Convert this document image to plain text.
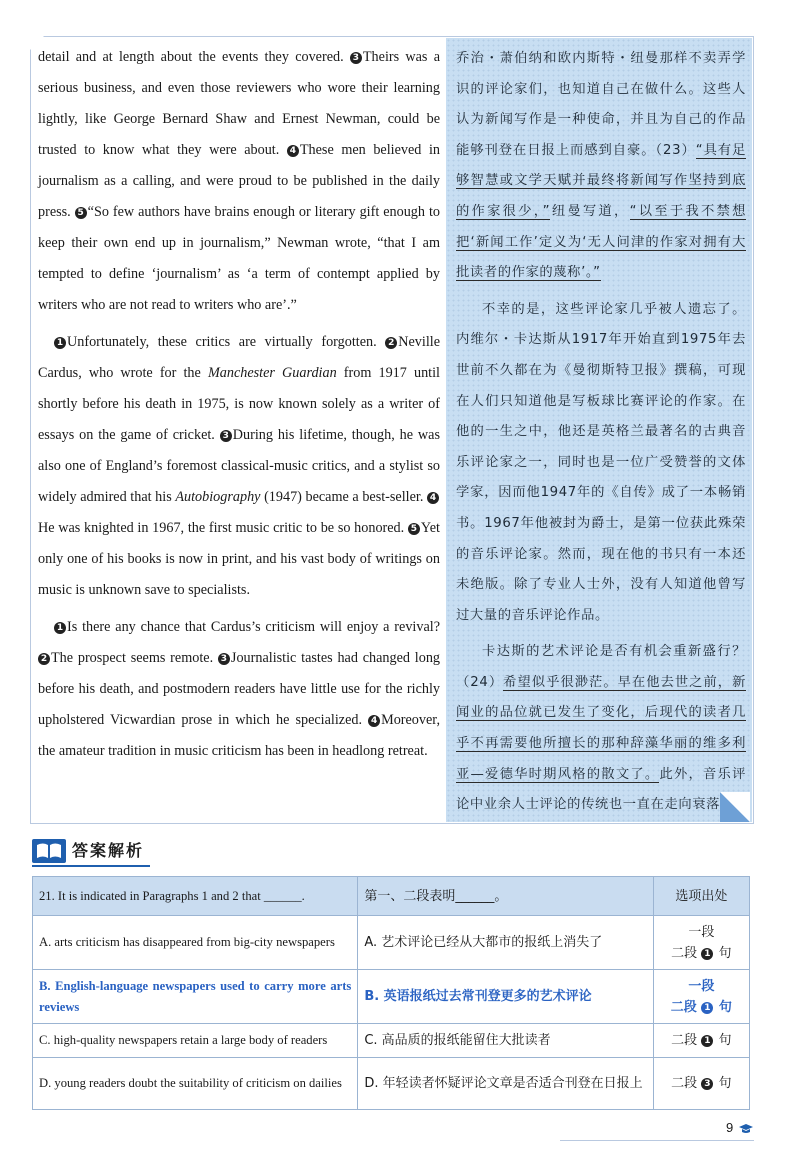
detail and at length about the events they covered. 3 Theirs was a serious business, and even those reviewers who wore their learning lightly, like George Bernard Shaw and Ernest Newman, could be trusted to know what they were about. 4 These men believed in journalism as a calling, and were proud to be published in the daily press. 5 “So few authors have brains enough or literary gift enough to keep their own end up in journalism,” Newman wrote, “that I am tempted to define ‘journalism’ as ‘a term of contempt applied by writers who are not read to writers who are’.”

1 Unfortunately, these critics are virtually forgotten. 2 Neville Cardus, who wrote for the Manchester Guardian from 1917 until shortly before his death in 1975, is now known solely as a writer of essays on the game of cricket. 3 During his lifetime, though, he was also one of England’s foremost classical-music critics, and a stylist so widely admired that his Autobiography (1947) became a best-seller. 4He was knighted in 1967, the first music critic to be so honored. 5 Yet only one of his books is now in print, and his vast body of writings on music is unknown save to specialists.

1 Is there any chance that Cardus’s criticism will enjoy a revival? 2 The prospect seems remote. 3 Journalistic tastes had changed long before his death, and postmodern readers have little use for the richly upholstered Vicwardian prose in which he specialized. 4 Moreover, the amateur tradition in music criticism has been in headlong retreat.

乔治・萧伯纳和欧内斯特・纽曼那样不卖弄学识的评论家们，也知道自己在做什么。这些人认为新闻写作是一种使命，并且为自己的作品能够刊登在日报上而感到自豪。（23）“具有足够智慧或文学天赋并最终将新闻写作坚持到底的作家很少，”纽曼写道，“以至于我不禁想把‘新闻工作’定义为‘无人问津的作家对拥有大批读者的作家的蔑称’。”

不幸的是，这些评论家几乎被人遗忘了。内维尔・卡达斯从1917年开始直到1975年去世前不久都在为《曼彻斯特卫报》撰稿，可现在人们只知道他是写板球比赛评论的作家。在他的一生之中，他还是英格兰最著名的古典音乐评论家之一，同时也是一位广受赞誉的文体学家，因而他1947年的《自传》成了一本畅销书。1967年他被封为爵士，是第一位获此殊荣的音乐评论家。然而，现在他的书只有一本还未绝版。除了专业人士外，没有人知道他曾写过大量的音乐评论作品。

卡达斯的艺术评论是否有机会重新盛行？（24）希望似乎很渺茫。早在他去世之前，新闻业的品位就已发生了变化，后现代的读者几乎不再需要他所擅长的那种辞藻华丽的维多利亚—爱德华时期风格的散文了。此外，音乐评论中业余人士评论的传统也一直在走向衰落。

答案解析
21. It is indicated in Paragraphs 1 and 2 that ______.	第一、二段表明______。	选项出处
A. arts criticism has disappeared from big-city newspapers	A. 艺术评论已经从大都市的报纸上消失了	一段
二段 1 句

B. English-language newspapers used to carry more arts reviews	B. 英语报纸过去常刊登更多的艺术评论	一段
二段 1 句

C. high-quality newspapers retain a large body of readers	C. 高品质的报纸能留住大批读者	二段 1 句
D. young readers doubt the suitability of criticism on dailies	D. 年轻读者怀疑评论文章是否适合刊登在日报上	二段 3 句
9
